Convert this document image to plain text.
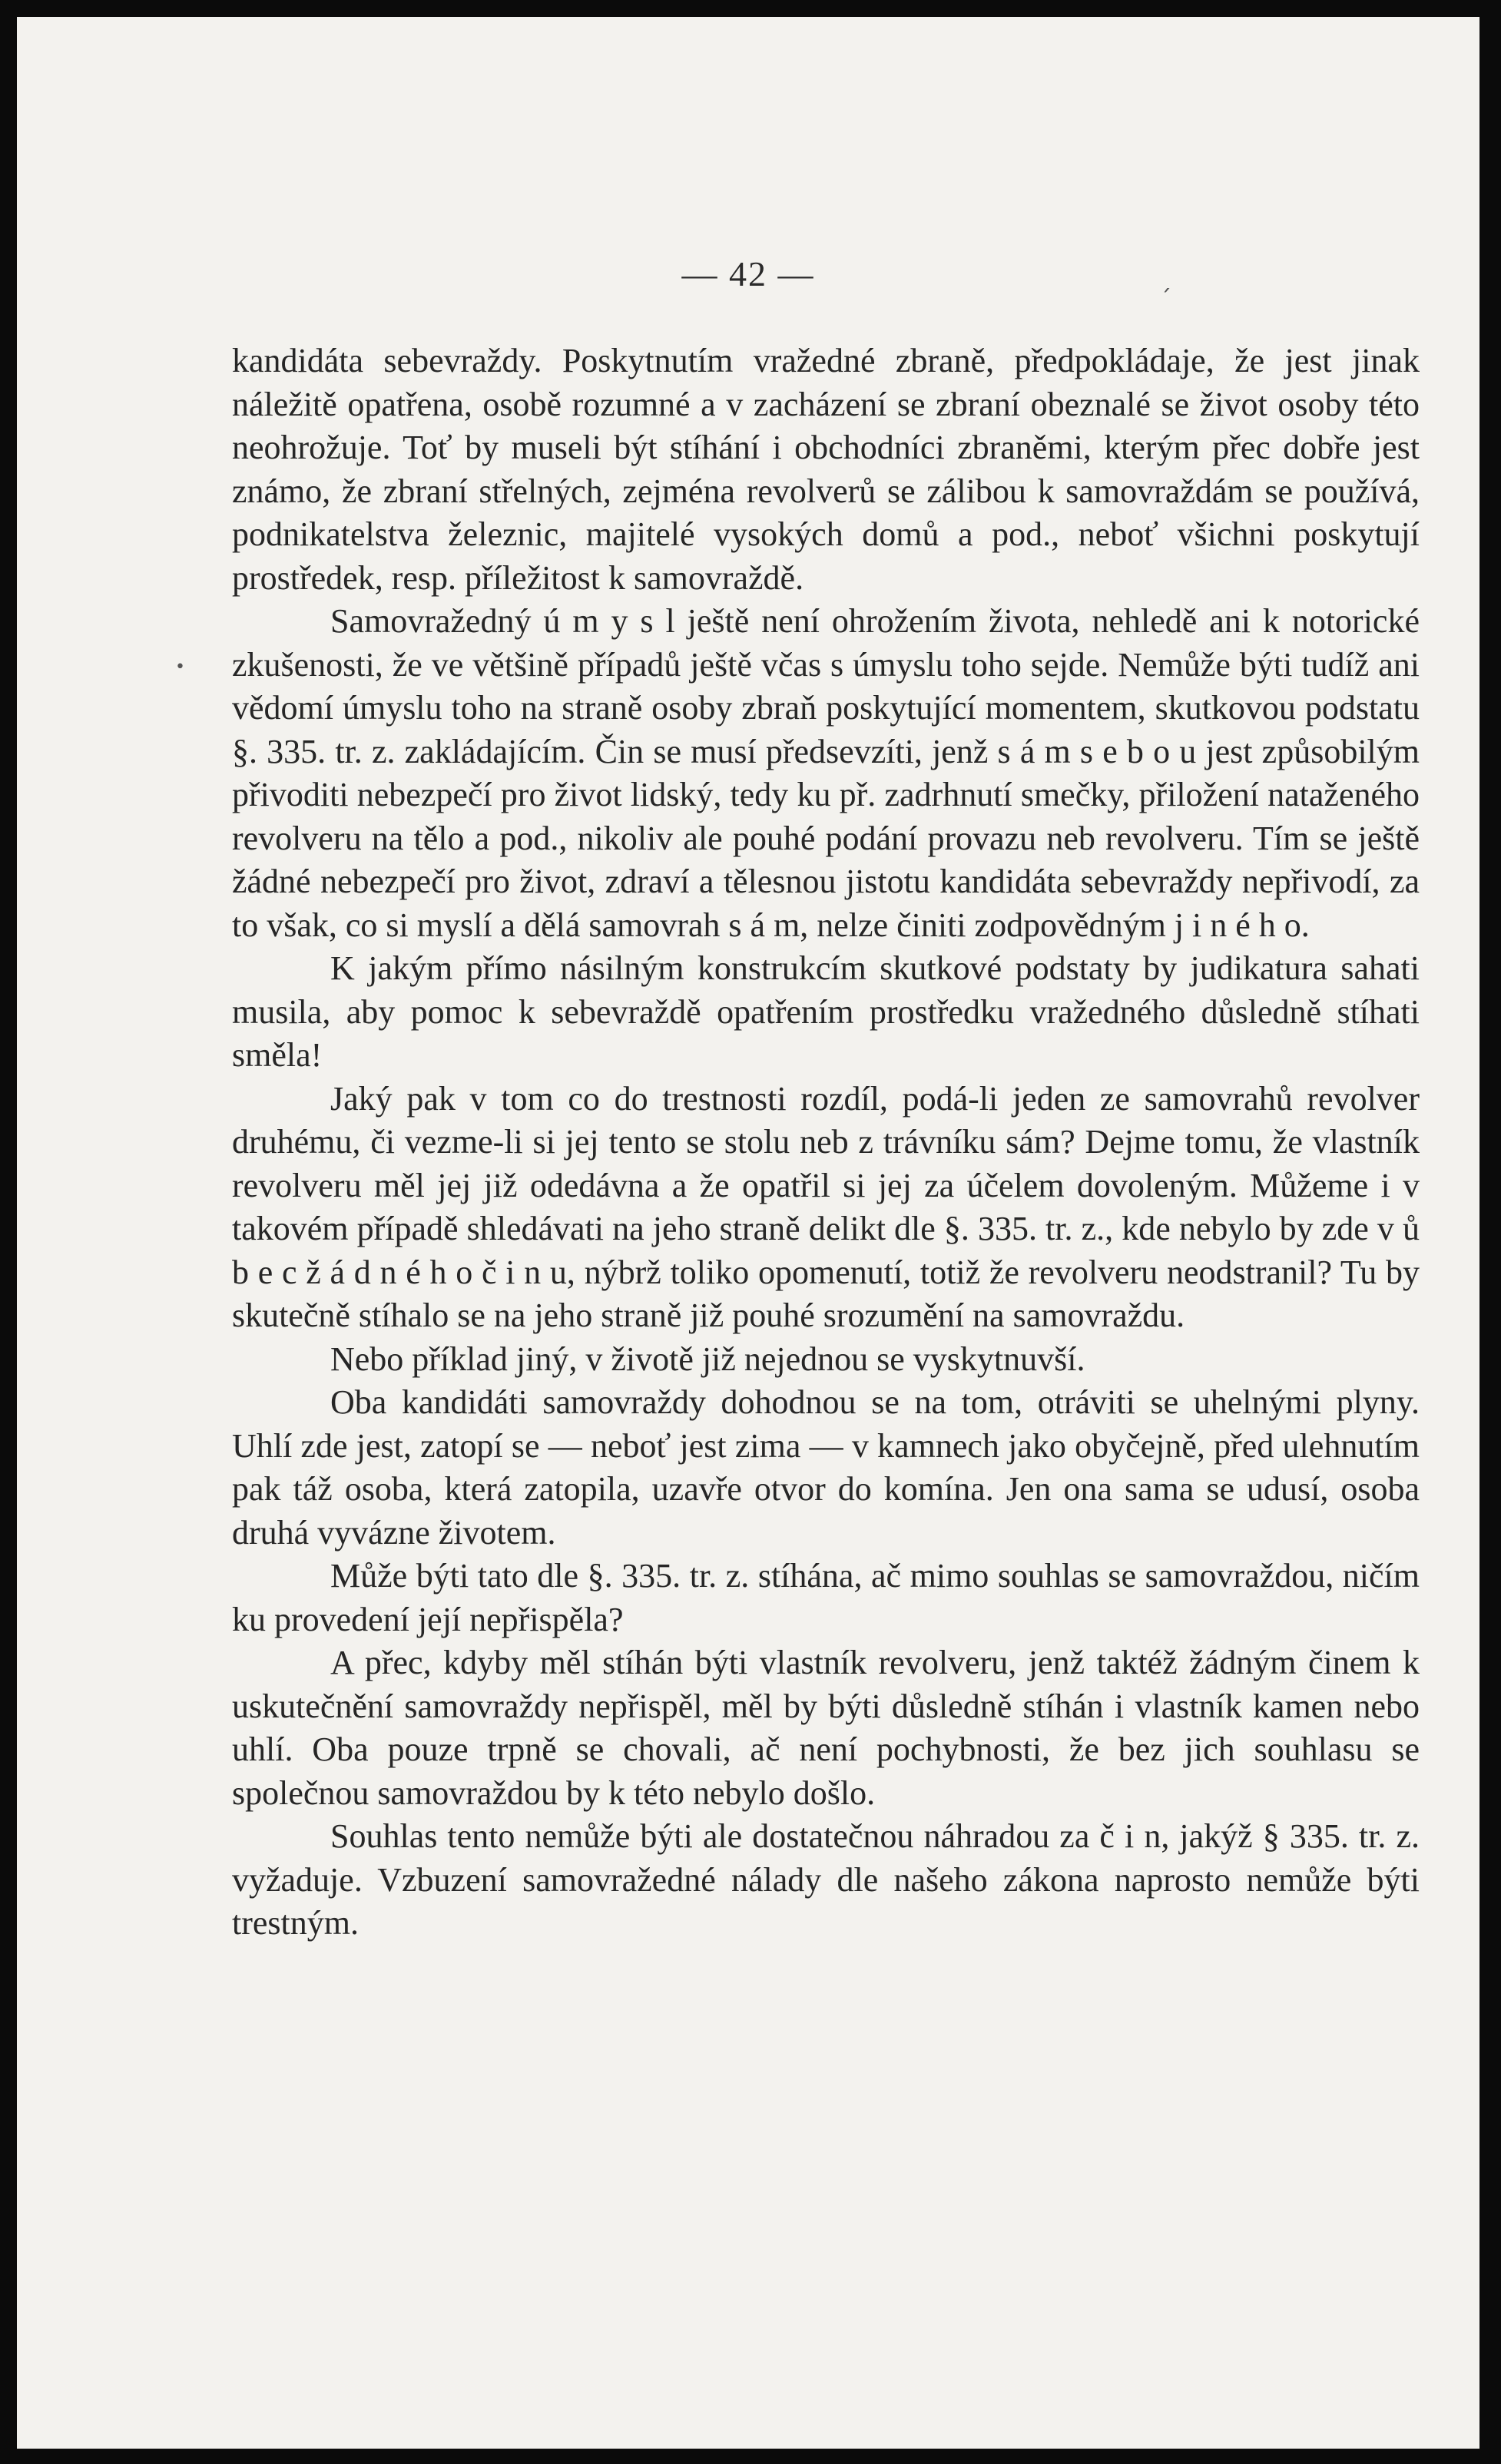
— 42 —
´
•

kandidáta sebevraždy. Poskytnutím vražedné zbraně, předpokládaje, že jest jinak náležitě opatřena, osobě rozumné a v zacházení se zbraní obeznalé se život osoby této neohrožuje. Toť by museli být stíhání i obchodníci zbraněmi, kterým přec dobře jest známo, že zbraní střelných, zejména revolverů se zálibou k samovraždám se používá, podnikatelstva železnic, majitelé vysokých domů a pod., neboť všichni poskytují prostředek, resp. příležitost k samovraždě.

Samovražedný ú m y s l ještě není ohrožením života, nehledě ani k notorické zkušenosti, že ve většině případů ještě včas s úmyslu toho sejde. Nemůže býti tudíž ani vědomí úmyslu toho na straně osoby zbraň poskytující momentem, skutkovou podstatu §. 335. tr. z. zakládajícím. Čin se musí předsevzíti, jenž s á m s e b o u jest způsobilým přivoditi nebezpečí pro život lidský, tedy ku př. zadrhnutí smečky, přiložení nataženého revolveru na tělo a pod., nikoliv ale pouhé podání provazu neb revolveru. Tím se ještě žádné nebezpečí pro život, zdraví a tělesnou jistotu kandidáta sebevraždy nepřivodí, za to však, co si myslí a dělá samovrah s á m, nelze činiti zodpovědným j i n é h o.

K jakým přímo násilným konstrukcím skutkové podstaty by judikatura sahati musila, aby pomoc k sebevraždě opatřením prostředku vražedného důsledně stíhati směla!

Jaký pak v tom co do trestnosti rozdíl, podá-li jeden ze samovrahů revolver druhému, či vezme-li si jej tento se stolu neb z trávníku sám? Dejme tomu, že vlastník revolveru měl jej již odedávna a že opatřil si jej za účelem dovoleným. Můžeme i v takovém případě shledávati na jeho straně delikt dle §. 335. tr. z., kde nebylo by zde v ů b e c ž á d n é h o č i n u, nýbrž toliko opomenutí, totiž že revolveru neodstranil? Tu by skutečně stíhalo se na jeho straně již pouhé srozumění na samovraždu.

Nebo příklad jiný, v životě již nejednou se vyskytnuvší.

Oba kandidáti samovraždy dohodnou se na tom, otráviti se uhelnými plyny. Uhlí zde jest, zatopí se — neboť jest zima — v kamnech jako obyčejně, před ulehnutím pak táž osoba, která zatopila, uzavře otvor do komína. Jen ona sama se udusí, osoba druhá vyvázne životem.

Může býti tato dle §. 335. tr. z. stíhána, ač mimo souhlas se samovraždou, ničím ku provedení její nepřispěla?

A přec, kdyby měl stíhán býti vlastník revolveru, jenž taktéž žádným činem k uskutečnění samovraždy nepřispěl, měl by býti důsledně stíhán i vlastník kamen nebo uhlí. Oba pouze trpně se chovali, ač není pochybnosti, že bez jich souhlasu se společnou samovraždou by k této nebylo došlo.

Souhlas tento nemůže býti ale dostatečnou náhradou za č i n, jakýž § 335. tr. z. vyžaduje. Vzbuzení samovražedné nálady dle našeho zákona naprosto nemůže býti trestným.
